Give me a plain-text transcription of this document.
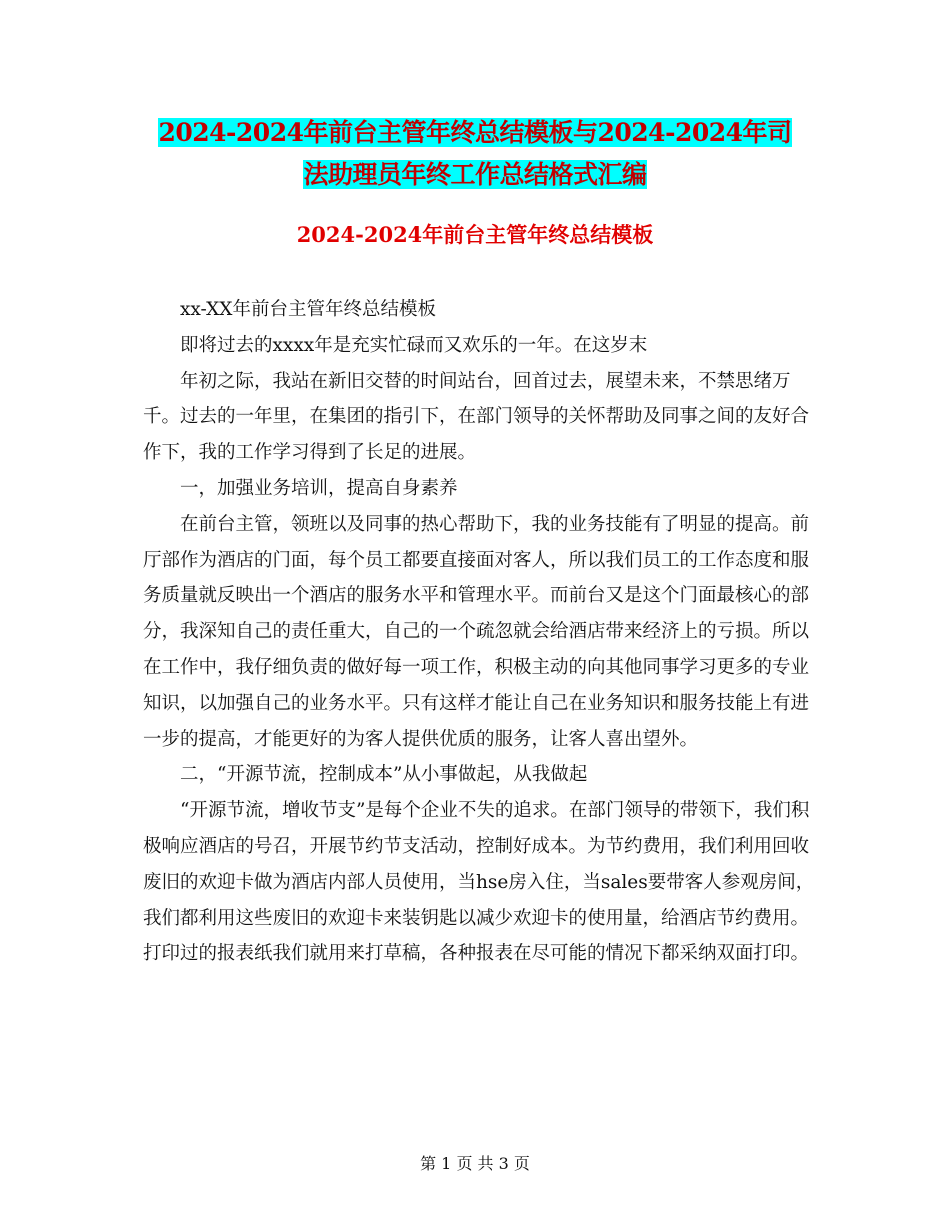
2024-2024年前台主管年终总结模板与2024-2024年司
法助理员年终工作总结格式汇编
2024-2024年前台主管年终总结模板

xx-XX年前台主管年终总结模板

即将过去的xxxx年是充实忙碌而又欢乐的一年。在这岁末

年初之际，我站在新旧交替的时间站台，回首过去，展望未来，不禁思绪万千。过去的一年里，在集团的指引下，在部门领导的关怀帮助及同事之间的友好合作下，我的工作学习得到了长足的进展。

一，加强业务培训，提高自身素养

在前台主管，领班以及同事的热心帮助下，我的业务技能有了明显的提高。前厅部作为酒店的门面，每个员工都要直接面对客人，所以我们员工的工作态度和服务质量就反映出一个酒店的服务水平和管理水平。而前台又是这个门面最核心的部分，我深知自己的责任重大，自己的一个疏忽就会给酒店带来经济上的亏损。所以在工作中，我仔细负责的做好每一项工作，积极主动的向其他同事学习更多的专业知识，以加强自己的业务水平。只有这样才能让自己在业务知识和服务技能上有进一步的提高，才能更好的为客人提供优质的服务，让客人喜出望外。

二，“开源节流，控制成本”从小事做起，从我做起

“开源节流，增收节支”是每个企业不失的追求。在部门领导的带领下，我们积极响应酒店的号召，开展节约节支活动，控制好成本。为节约费用，我们利用回收废旧的欢迎卡做为酒店内部人员使用，当hse房入住，当sales要带客人参观房间，我们都利用这些废旧的欢迎卡来装钥匙以减少欢迎卡的使用量，给酒店节约费用。打印过的报表纸我们就用来打草稿，各种报表在尽可能的情况下都采纳双面打印。

第 1 页 共 3 页
